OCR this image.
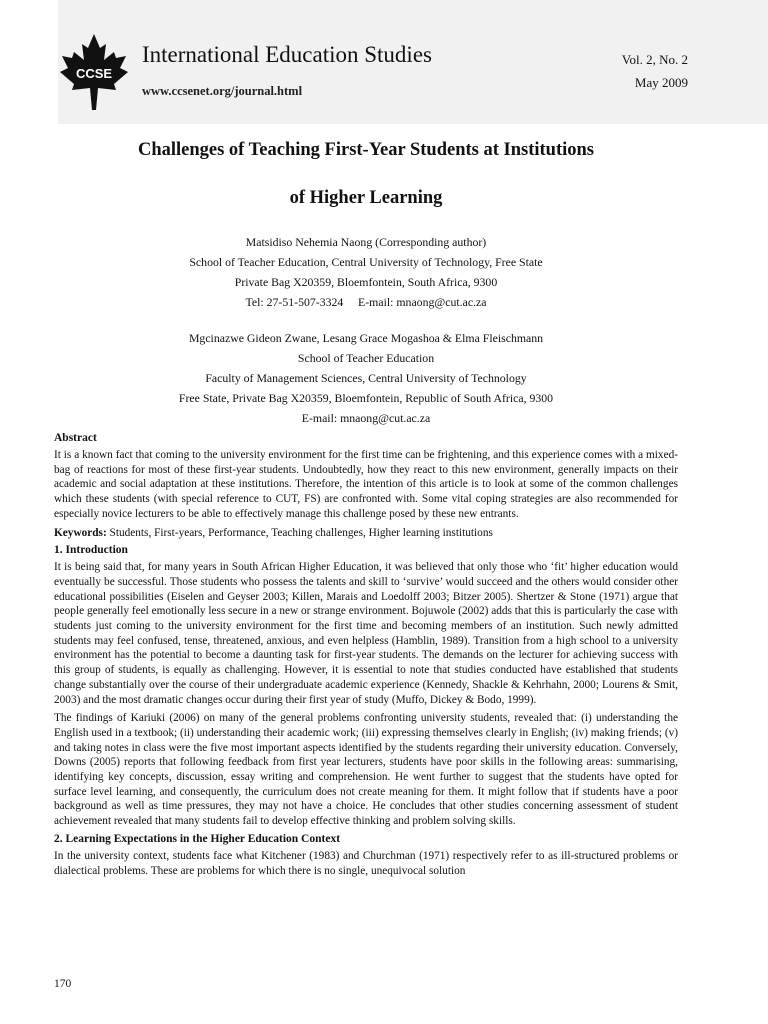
CCSE
International Education Studies
www.ccsenet.org/journal.html
Vol. 2, No. 2
May 2009
Challenges of Teaching First-Year Students at Institutions
of Higher Learning
Matsidiso Nehemia Naong (Corresponding author)
School of Teacher Education, Central University of Technology, Free State
Private Bag X20359, Bloemfontein, South Africa, 9300
Tel: 27-51-507-3324     E-mail: mnaong@cut.ac.za
Mgcinazwe Gideon Zwane, Lesang Grace Mogashoa & Elma Fleischmann
School of Teacher Education
Faculty of Management Sciences, Central University of Technology
Free State, Private Bag X20359, Bloemfontein, Republic of South Africa, 9300
E-mail: mnaong@cut.ac.za
Abstract

It is a known fact that coming to the university environment for the first time can be frightening, and this experience comes with a mixed-bag of reactions for most of these first-year students. Undoubtedly, how they react to this new environment, generally impacts on their academic and social adaptation at these institutions. Therefore, the intention of this article is to look at some of the common challenges which these students (with special reference to CUT, FS) are confronted with. Some vital coping strategies are also recommended for especially novice lecturers to be able to effectively manage this challenge posed by these new entrants.

Keywords: Students, First-years, Performance, Teaching challenges, Higher learning institutions
1. Introduction

It is being said that, for many years in South African Higher Education, it was believed that only those who ‘fit’ higher education would eventually be successful. Those students who possess the talents and skill to ‘survive’ would succeed and the others would consider other educational possibilities (Eiselen and Geyser 2003; Killen, Marais and Loedolff 2003; Bitzer 2005). Shertzer & Stone (1971) argue that people generally feel emotionally less secure in a new or strange environment. Bojuwole (2002) adds that this is particularly the case with students just coming to the university environment for the first time and becoming members of an institution. Such newly admitted students may feel confused, tense, threatened, anxious, and even helpless (Hamblin, 1989). Transition from a high school to a university environment has the potential to become a daunting task for first-year students. The demands on the lecturer for achieving success with this group of students, is equally as challenging. However, it is essential to note that studies conducted have established that students change substantially over the course of their undergraduate academic experience (Kennedy, Shackle & Kehrhahn, 2000; Lourens & Smit, 2003) and the most dramatic changes occur during their first year of study (Muffo, Dickey & Bodo, 1999).

The findings of Kariuki (2006) on many of the general problems confronting university students, revealed that: (i) understanding the English used in a textbook; (ii) understanding their academic work; (iii) expressing themselves clearly in English; (iv) making friends; (v) and taking notes in class were the five most important aspects identified by the students regarding their university education. Conversely, Downs (2005) reports that following feedback from first year lecturers, students have poor skills in the following areas: summarising, identifying key concepts, discussion, essay writing and comprehension. He went further to suggest that the students have opted for surface level learning, and consequently, the curriculum does not create meaning for them. It might follow that if students have a poor background as well as time pressures, they may not have a choice. He concludes that other studies concerning assessment of student achievement revealed that many students fail to develop effective thinking and problem solving skills.

2. Learning Expectations in the Higher Education Context

In the university context, students face what Kitchener (1983) and Churchman (1971) respectively refer to as ill-structured problems or dialectical problems. These are problems for which there is no single, unequivocal solution

170
